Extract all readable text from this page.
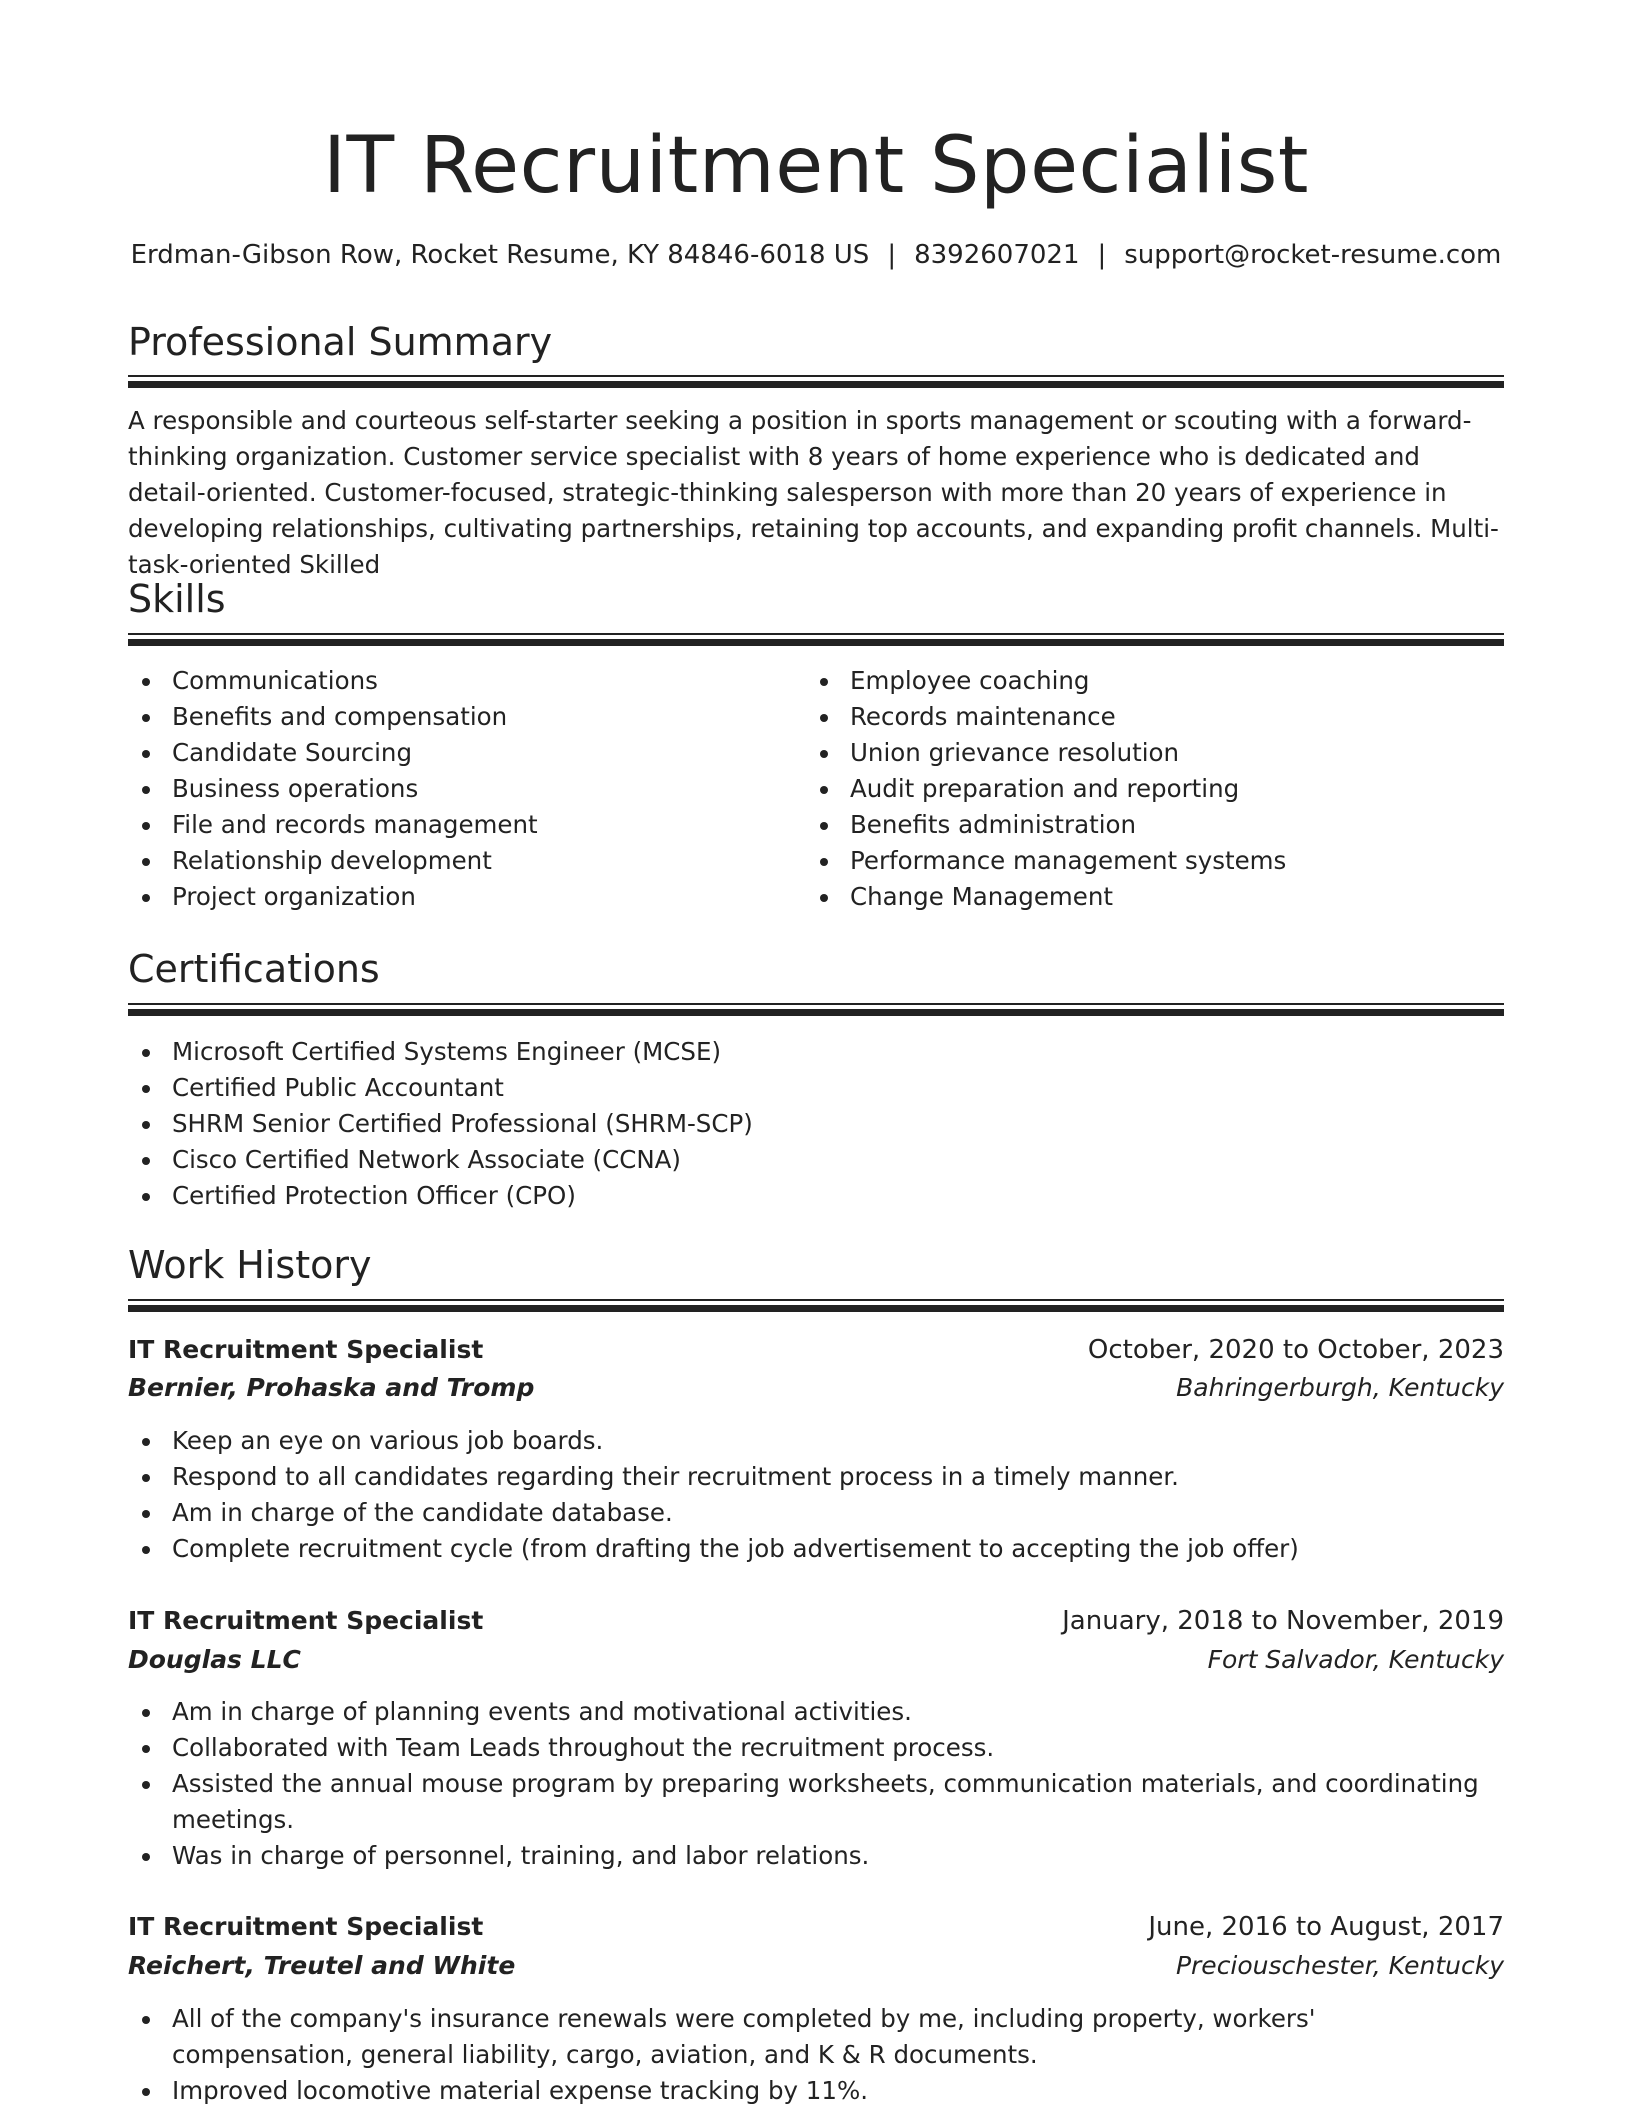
IT Recruitment Specialist
Erdman-Gibson Row, Rocket Resume, KY 84846-6018 US | 8392607021 | support@rocket-resume.com
Professional Summary
A responsible and courteous self-starter seeking a position in sports management or scouting with a forward-thinking organization. Customer service specialist with 8 years of home experience who is dedicated and detail-oriented. Customer-focused, strategic-thinking salesperson with more than 20 years of experience in developing relationships, cultivating partnerships, retaining top accounts, and expanding profit channels. Multi-task-oriented Skilled
Skills
Communications
Benefits and compensation
Candidate Sourcing
Business operations
File and records management
Relationship development
Project organization
Employee coaching
Records maintenance
Union grievance resolution
Audit preparation and reporting
Benefits administration
Performance management systems
Change Management
Certifications
Microsoft Certified Systems Engineer (MCSE)
Certified Public Accountant
SHRM Senior Certified Professional (SHRM-SCP)
Cisco Certified Network Associate (CCNA)
Certified Protection Officer (CPO)
Work History
IT Recruitment Specialist	October, 2020 to October, 2023
Bernier, Prohaska and Tromp	Bahringerburgh, Kentucky
Keep an eye on various job boards.
Respond to all candidates regarding their recruitment process in a timely manner.
Am in charge of the candidate database.
Complete recruitment cycle (from drafting the job advertisement to accepting the job offer)
IT Recruitment Specialist	January, 2018 to November, 2019
Douglas LLC	Fort Salvador, Kentucky
Am in charge of planning events and motivational activities.
Collaborated with Team Leads throughout the recruitment process.
Assisted the annual mouse program by preparing worksheets, communication materials, and coordinating meetings.
Was in charge of personnel, training, and labor relations.
IT Recruitment Specialist	June, 2016 to August, 2017
Reichert, Treutel and White	Preciouschester, Kentucky
All of the company's insurance renewals were completed by me, including property, workers' compensation, general liability, cargo, aviation, and K & R documents.
Improved locomotive material expense tracking by 11%.
